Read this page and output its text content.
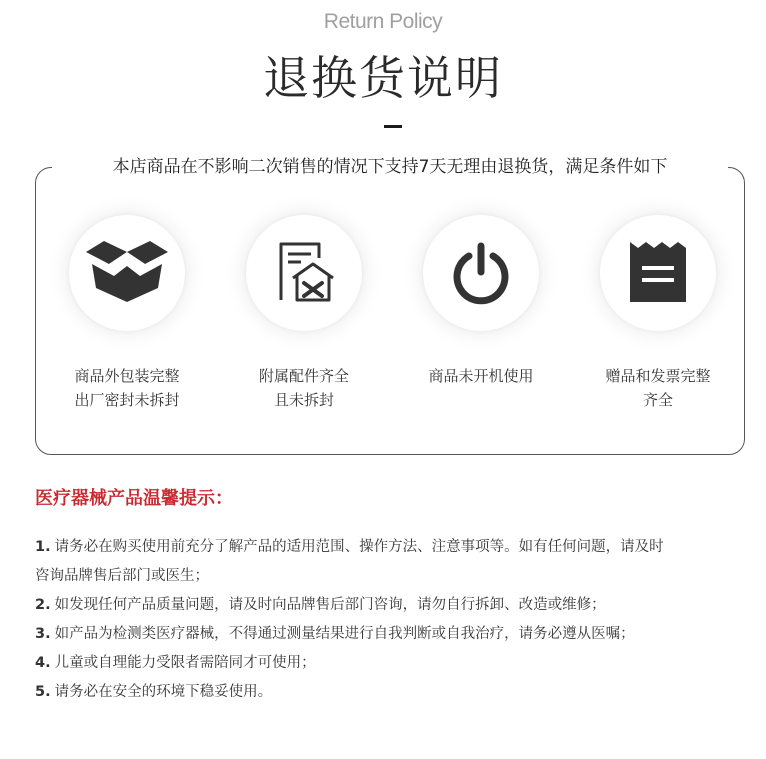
Return Policy
退换货说明
本店商品在不影响二次销售的情况下支持7天无理由退换货，满足条件如下
商品外包装完整
出厂密封未拆封
附属配件齐全
且未拆封
商品未开机使用	赠品和发票完整
齐全
医疗器械产品温馨提示：
1. 请务必在购买使用前充分了解产品的适用范围、操作方法、注意事项等。如有任何问题，请及时
咨询品牌售后部门或医生；
2. 如发现任何产品质量问题，请及时向品牌售后部门咨询，请勿自行拆卸、改造或维修；
3. 如产品为检测类医疗器械，不得通过测量结果进行自我判断或自我治疗，请务必遵从医嘱；
4. 儿童或自理能力受限者需陪同才可使用；
5. 请务必在安全的环境下稳妥使用。
